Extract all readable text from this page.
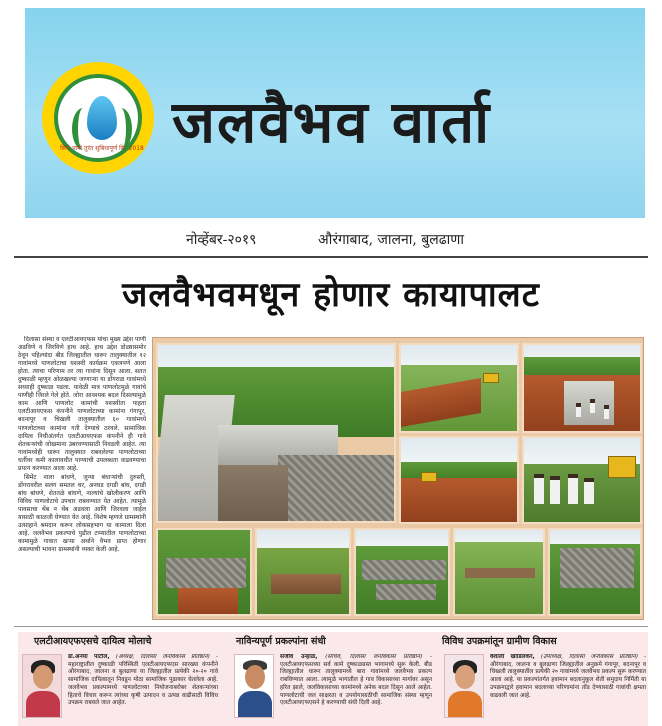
सिर्फ पानी तुरंत सुबिधापूर्ण सि. 2018 जलवैभव वार्ता
नोव्हेंबर-२०१९	औरंगाबाद, जालना, बुलढाणा
जलवैभवमधून होणार कायापालट

दिलासा संस्था व एलटीआयएफस यांचा मुख्य उद्देश पाणी अडविणे व जिरविणे हाच आहे. हाच उद्देश डोळ्यासमोर ठेवून पहिल्यांदा बीड जिल्ह्यातील धारूर तालुक्यातील १२ गावांमध्ये पाणलोटाचा यशस्वी कार्यक्रम एकत्रपणे आला होता. त्याचा परिणाम तर त्या गावांना दिसून आला. सतत दुष्काळी म्हणून ओळखल्या जाणाऱ्या या डोंगराळ गावांमध्ये सध्याही दुष्काळ पडला. यावेळी मात्र पाणलोटमुळे गावांचे पाणीही जिरले गेले होते. जोरा आवश्यक बदल दिसल्यामुळे काम आणि पाणलोट कामांची यशस्वीता पाहता एलटीआयएफस कंपनीने पाणलोटाच्या कामांना गंगापूर, बदनापूर व चिखली तालुक्यातील ६० गावांमध्ये पाणलोटाच्या कामांना गती देण्याचे ठरवले. सामाजिक दायित्व निधीअंतर्गत एलटीआयएफस कंपनीने ही गावे शेतकऱ्यांची जोखमाना उंबरवण्यासाठी निवडली आहेत. त्या गावांमध्येही धारूर तालुक्यात राबवलेल्या पाणलोटाच्या धर्तीवर कमी कालावधीत पाण्याची उपलब्धता वाढवण्याचा प्रयत्न करण्यात आला आहे.

सिमेंट नाला बांधणे, जुन्या बंधाऱ्यांची दुरुस्ती, डोंगरावरील सलग समतल चर, अनघड दगडी बांध, दगडी बांध बांधणे, शेततळे बांधणे, नाल्यांचे खोलीकरण आणि विविध पाणलोटाचे उपचार राबवण्यात येत आहेत. त्यामुळे पावसाचा थेंब न थेंब अडवला आणि जिरवला जाईल यासाठी काळजी घेण्यात येत आहे. विशेष म्हणजे ग्रामस्थांनी उत्साहाने श्रमदान करून लोकसहभाग या कामाला दिला आहे. जलवैभव प्रकल्पाचे पुढील टप्प्यातील पाणलोटाच्या कामामुळे गावात खऱ्या अर्थाने वैभव प्राप्त होणार असल्याची भावना ग्रामस्थांनी व्यक्त केली आहे.

एलटीआयएफएसचे दायित्व मोलाचे
डॉ.अनया पाटील, (अध्यक्ष, दिलासा जनविकास प्रतिष्ठान) - महाराष्ट्रातील दुष्काळी परिस्थिती एलटीआयएफएस सारख्या कंपनीने औरंगाबाद, जालना व बुलढाणा या जिल्ह्यातील प्रत्येकी २०-२० गावे सामाजिक दायित्वातून निवडून मोठा सामाजिक पुढाकार घेतलेला आहे. जलवैभव प्रकल्पामध्ये पाणलोटाच्या नियोजनाबरोबर शेतकऱ्यांच्या हिताचे विचार करून त्यांच्या कृषी उत्पादन व उत्पन्न वाढीसाठी विविध उपक्रम राबवले जात आहेत.
नाविन्यपूर्ण प्रकल्पांना संधी
संजीव उन्हाळे, (सचिव, दिलासा जनविकास प्रतिष्ठान) - एलटीआयएफसच्या सर्व कामे दुष्काळग्रस्त भागामध्ये सुरू केली. बीड जिल्ह्यातील धारूर तालुक्यामध्ये बारा गावांमध्ये जलवैभव प्रकल्प राबविण्यात आला. त्यामुळे भागातील हे गाव विकासाच्या मार्गावर असून हरित झाले, जलविकासाच्या कामांमध्ये अनेक बदल दिसून आले आहेत. पाणलोटाची जल साक्षरता व उपयोगासाठीची सामाजिक संस्था म्हणून एलटीआयएफएसने हे करण्याची संधी दिली आहे.
विविध उपक्रमांतून ग्रामीण विकास
वैशाली खाडिलकर, (उपाध्यक्ष, दिलासा जनविकास प्रतिष्ठान) - औरंगाबाद, जालना व बुलढाणा जिल्ह्यातील अनुक्रमे गंगापूर, बदनापूर व चिखली तालुक्यातील प्रत्येकी २० गावांमध्ये जलवैभव प्रकल्प सुरू करण्यात आला आहे. या प्रकल्पांतर्गत हवामान बदलानुकूल शेती समुदाय निर्मिती या उपक्रमाद्वारे हवामान बदलाच्या परिणामांना तोंड देण्यासाठी गावांची क्षमता वाढवली जात आहे.
